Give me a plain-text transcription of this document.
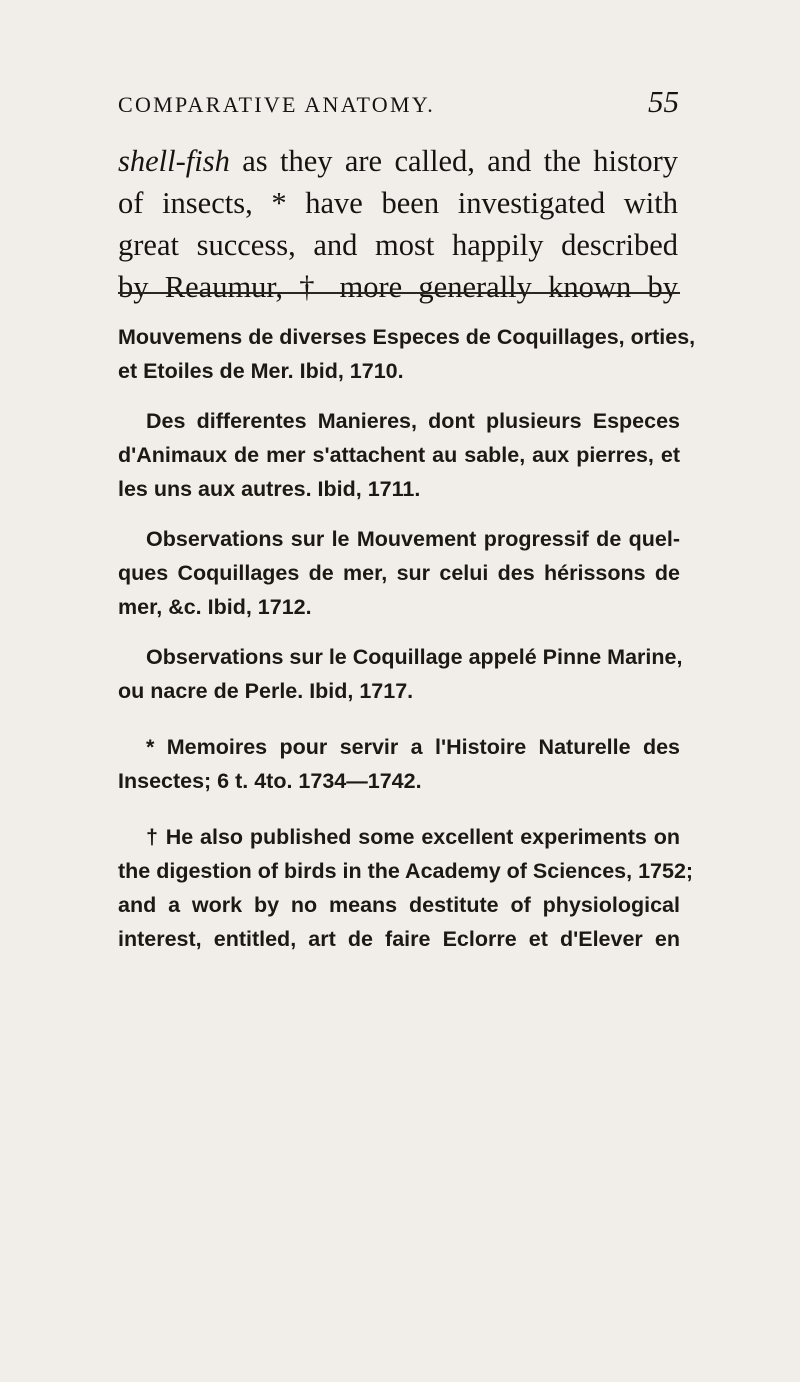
COMPARATIVE ANATOMY.	55
shell-fish as they are called, and the history
of insects, * have been investigated with
great success, and most happily described
by Reaumur, † more generally known by
Mouvemens de diverses Especes de Coquillages, orties,
et Etoiles de Mer. Ibid, 1710.
Des differentes Manieres, dont plusieurs Especes
d'Animaux de mer s'attachent au sable, aux pierres, et
les uns aux autres. Ibid, 1711.
Observations sur le Mouvement progressif de quel-
ques Coquillages de mer, sur celui des hérissons de
mer, &c. Ibid, 1712.
Observations sur le Coquillage appelé Pinne Marine,
ou nacre de Perle. Ibid, 1717.
* Memoires pour servir a l'Histoire Naturelle des
Insectes; 6 t. 4to. 1734—1742.
† He also published some excellent experiments on
the digestion of birds in the Academy of Sciences, 1752;
and a work by no means destitute of physiological
interest, entitled, art de faire Eclorre et d'Elever en
